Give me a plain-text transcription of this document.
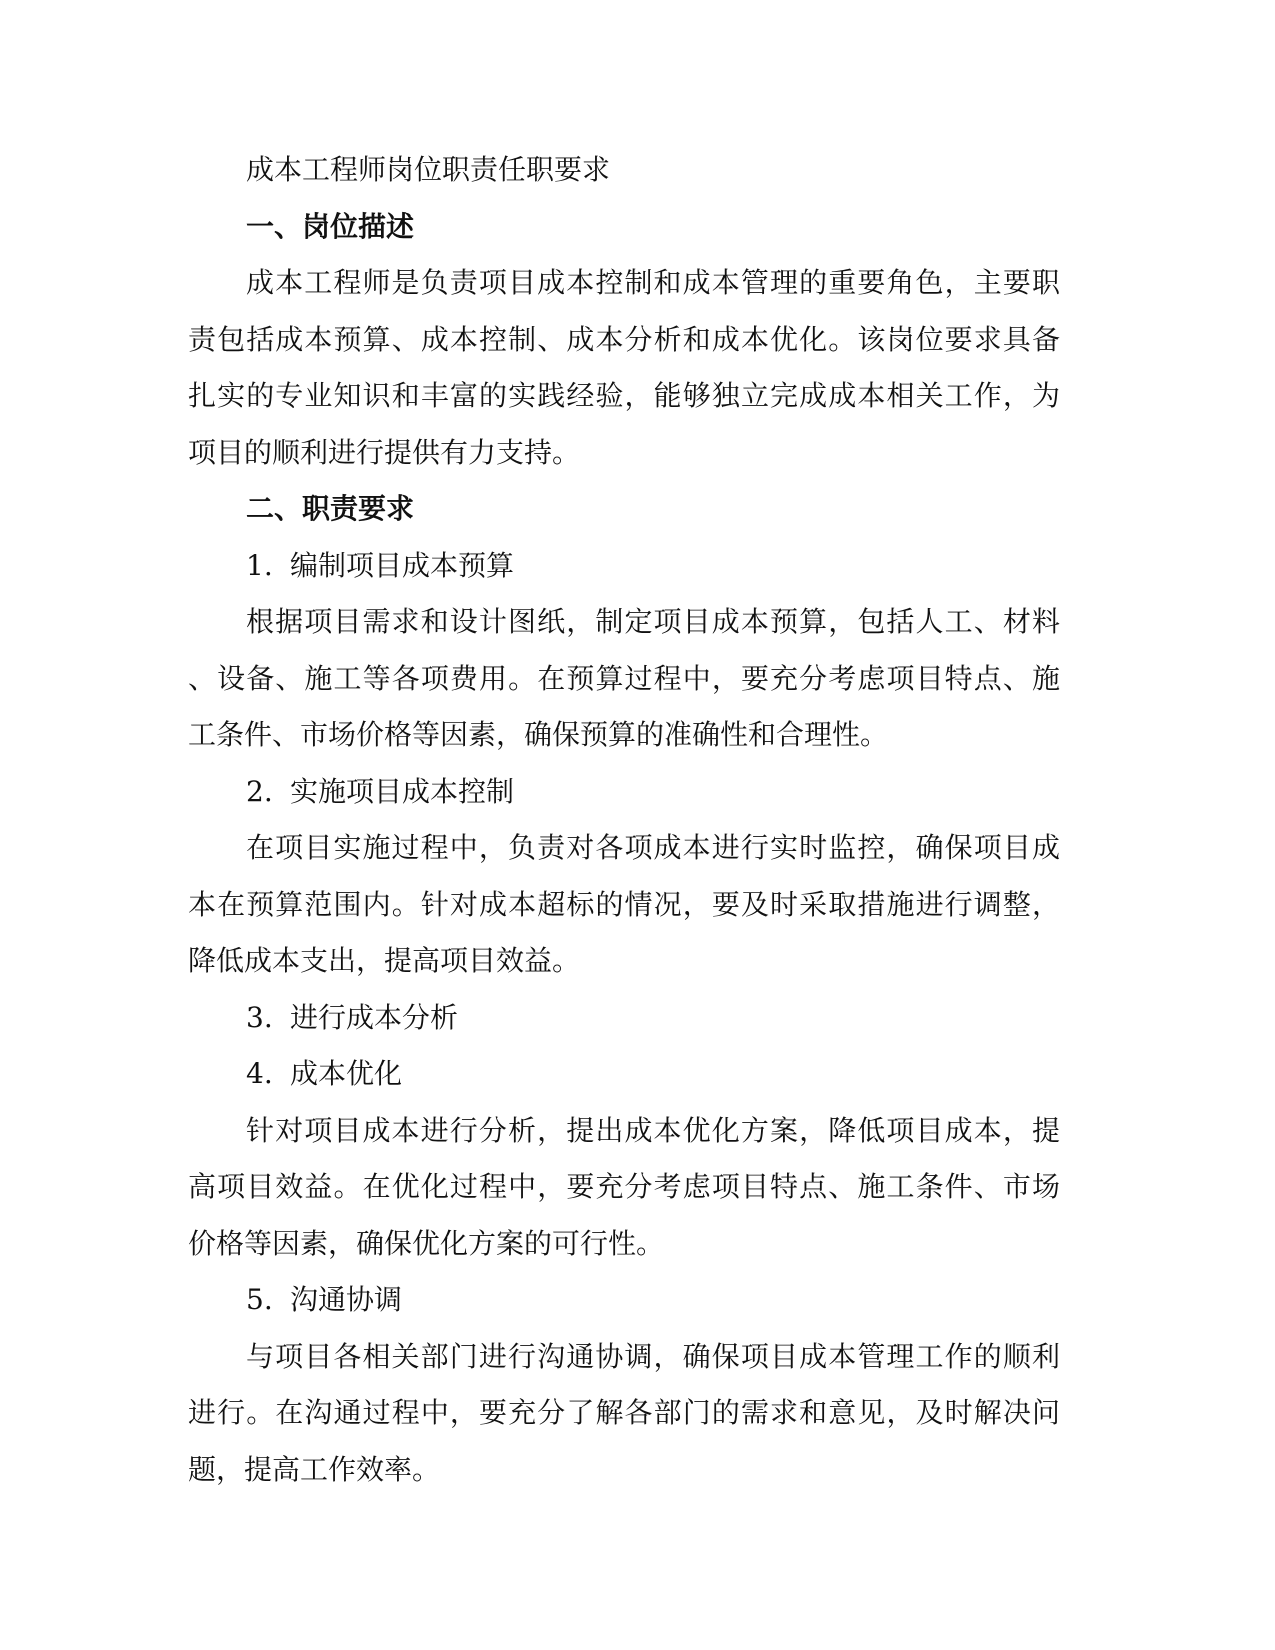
成本工程师岗位职责任职要求
一、岗位描述
成本工程师是负责项目成本控制和成本管理的重要角色，主要职
责包括成本预算、成本控制、成本分析和成本优化。该岗位要求具备
扎实的专业知识和丰富的实践经验，能够独立完成成本相关工作，为
项目的顺利进行提供有力支持。
二、职责要求
1. 编制项目成本预算
根据项目需求和设计图纸，制定项目成本预算，包括人工、材料
、设备、施工等各项费用。在预算过程中，要充分考虑项目特点、施
工条件、市场价格等因素，确保预算的准确性和合理性。
2. 实施项目成本控制
在项目实施过程中，负责对各项成本进行实时监控，确保项目成
本在预算范围内。针对成本超标的情况，要及时采取措施进行调整，
降低成本支出，提高项目效益。
3. 进行成本分析
4. 成本优化
针对项目成本进行分析，提出成本优化方案，降低项目成本，提
高项目效益。在优化过程中，要充分考虑项目特点、施工条件、市场
价格等因素，确保优化方案的可行性。
5. 沟通协调
与项目各相关部门进行沟通协调，确保项目成本管理工作的顺利
进行。在沟通过程中，要充分了解各部门的需求和意见，及时解决问
题，提高工作效率。
